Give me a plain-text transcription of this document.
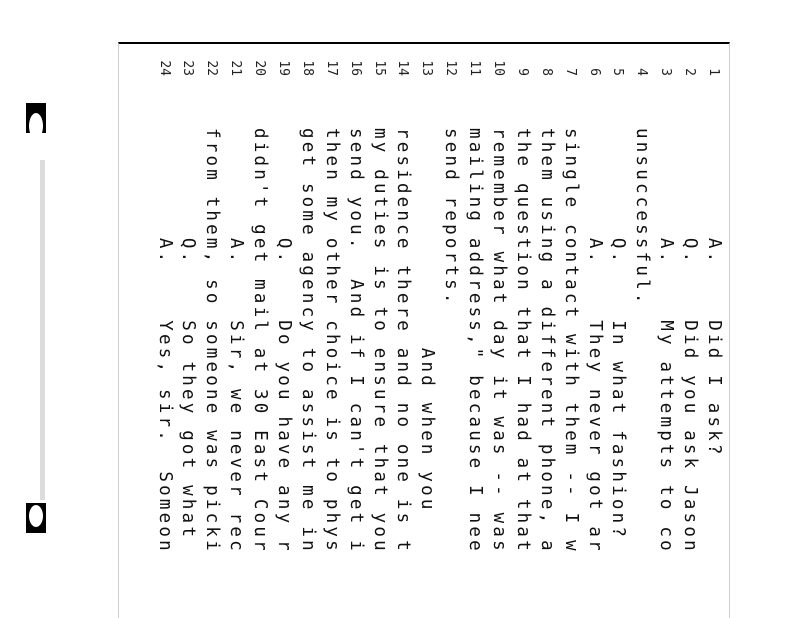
1
A.    Did I ask?
2
Q.    Did you ask Jason
3
A.    My attempts to co
4
unsuccessful.
5
Q.    In what fashion?
6
A.    They never got ar
7
single contact with them -- I w
8
them using a different phone, a
9
the question that I had at that
10
remember what day it was -- was
11
mailing address," because I nee
12
send reports.
13
And when you
14
residence there and no one is t
15
my duties is to ensure that you
16
send you.  And if I can't get i
17
then my other choice is to phys
18
get some agency to assist me in
19
Q.    Do you have any r
20
didn't get mail at 30 East Cour
21
A.    Sir, we never rec
22
from them, so someone was picki
23
Q.    So they got what
24
A.    Yes, sir.  Someon
